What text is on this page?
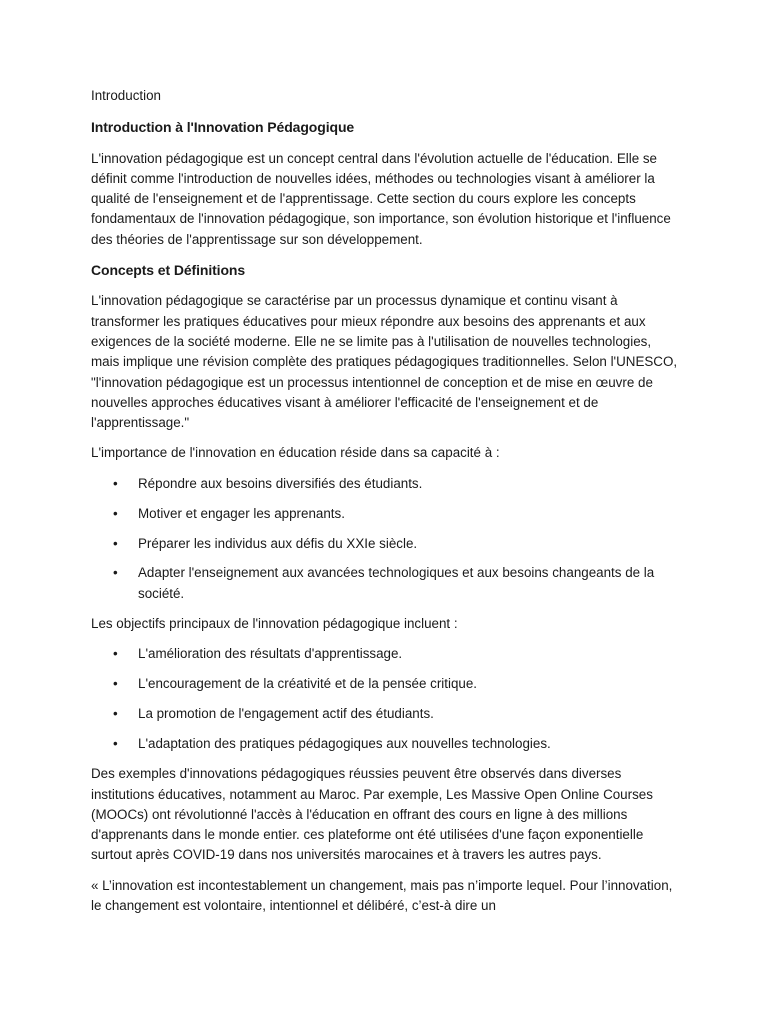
Introduction

Introduction à l'Innovation Pédagogique

L'innovation pédagogique est un concept central dans l'évolution actuelle de l'éducation. Elle se définit comme l'introduction de nouvelles idées, méthodes ou technologies visant à améliorer la qualité de l'enseignement et de l'apprentissage. Cette section du cours explore les concepts fondamentaux de l'innovation pédagogique, son importance, son évolution historique et l'influence des théories de l'apprentissage sur son développement.

Concepts et Définitions

L'innovation pédagogique se caractérise par un processus dynamique et continu visant à transformer les pratiques éducatives pour mieux répondre aux besoins des apprenants et aux exigences de la société moderne. Elle ne se limite pas à l'utilisation de nouvelles technologies, mais implique une révision complète des pratiques pédagogiques traditionnelles. Selon l'UNESCO, "l'innovation pédagogique est un processus intentionnel de conception et de mise en œuvre de nouvelles approches éducatives visant à améliorer l'efficacité de l'enseignement et de l'apprentissage."

L'importance de l'innovation en éducation réside dans sa capacité à :

• Répondre aux besoins diversifiés des étudiants.
• Motiver et engager les apprenants.
• Préparer les individus aux défis du XXIe siècle.
• Adapter l'enseignement aux avancées technologiques et aux besoins changeants de la société.

Les objectifs principaux de l'innovation pédagogique incluent :

• L'amélioration des résultats d'apprentissage.
• L'encouragement de la créativité et de la pensée critique.
• La promotion de l'engagement actif des étudiants.
• L'adaptation des pratiques pédagogiques aux nouvelles technologies.

Des exemples d'innovations pédagogiques réussies peuvent être observés dans diverses institutions éducatives, notamment au Maroc. Par exemple, Les Massive Open Online Courses (MOOCs) ont révolutionné l'accès à l'éducation en offrant des cours en ligne à des millions d'apprenants dans le monde entier. ces plateforme ont été utilisées d'une façon exponentielle surtout après COVID-19 dans nos universités marocaines et à travers les autres pays.

« L’innovation est incontestablement un changement, mais pas n’importe lequel. Pour l’innovation, le changement est volontaire, intentionnel et délibéré, c’est-à dire un
